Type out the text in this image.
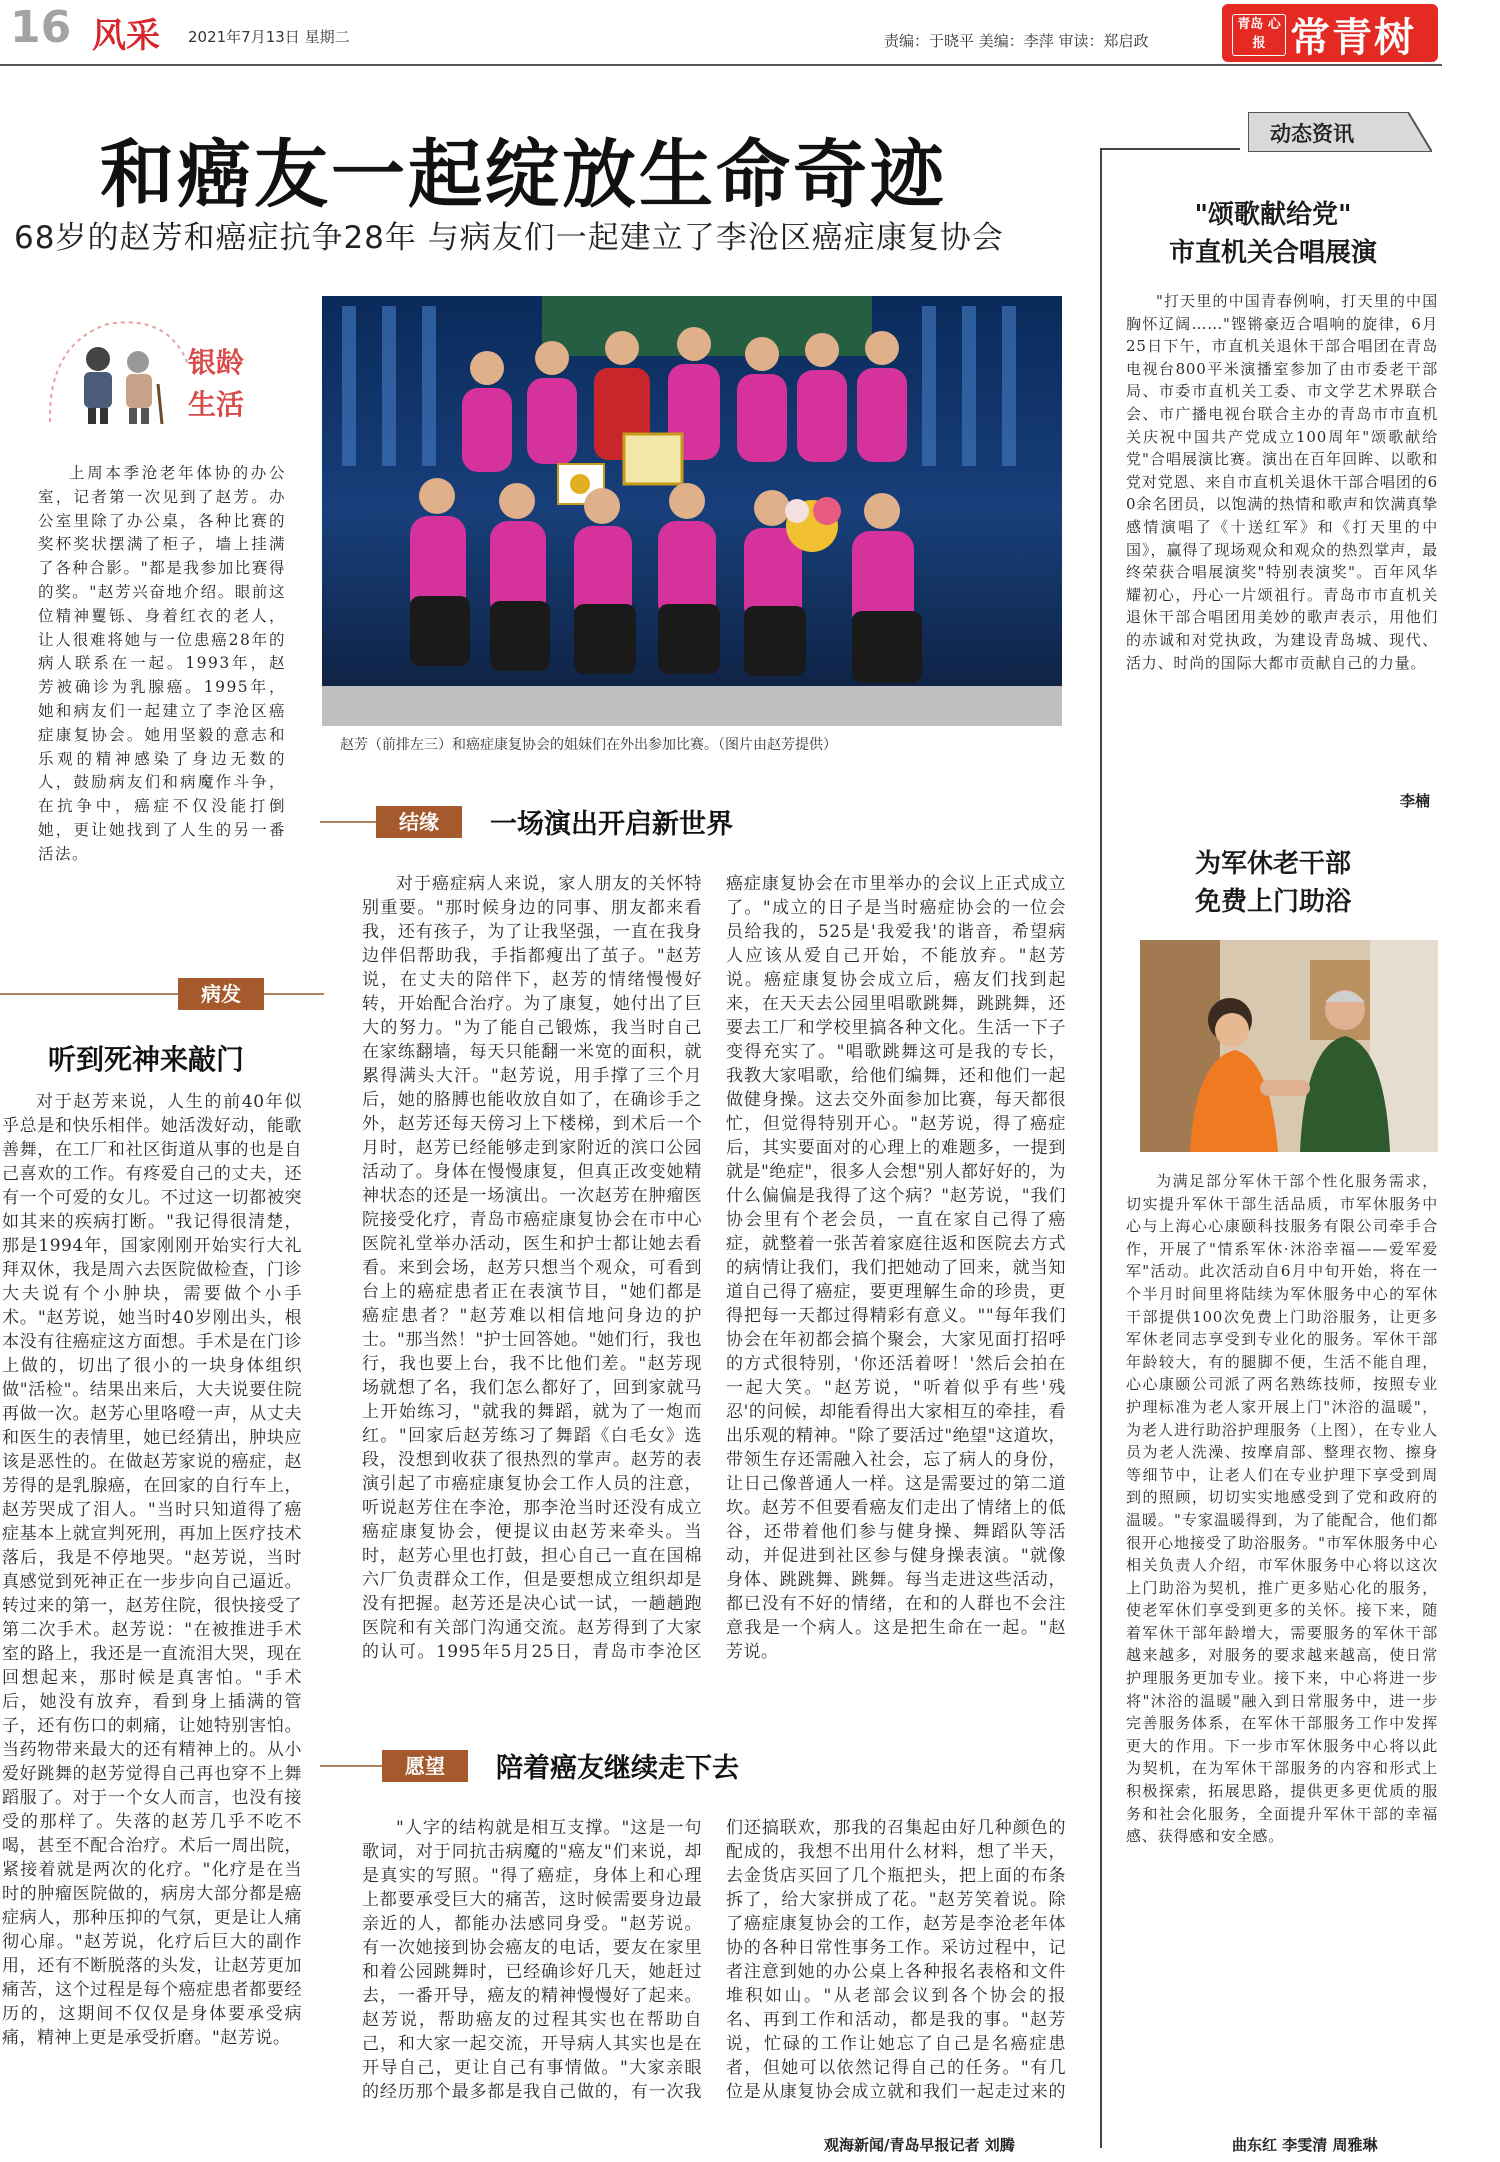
16 风采 2021年7月13日 星期二	责编：于晓平 美编：李萍 审读：郑启政
青岛 心报 常青树
和癌友一起绽放生命奇迹
68岁的赵芳和癌症抗争28年 与病友们一起建立了李沧区癌症康复协会
银龄 生活
赵芳（前排左三）和癌症康复协会的姐妹们在外出参加比赛。（图片由赵芳提供）

上周本季沧老年体协的办公室，记者第一次见到了赵芳。办公室里除了办公桌，各种比赛的奖杯奖状摆满了柜子，墙上挂满了各种合影。"都是我参加比赛得的奖。"赵芳兴奋地介绍。眼前这位精神矍铄、身着红衣的老人，让人很难将她与一位患癌28年的病人联系在一起。1993年，赵芳被确诊为乳腺癌。1995年，她和病友们一起建立了李沧区癌症康复协会。她用坚毅的意志和乐观的精神感染了身边无数的人，鼓励病友们和病魔作斗争，在抗争中，癌症不仅没能打倒她，更让她找到了人生的另一番活法。

病发
听到死神来敲门

对于赵芳来说，人生的前40年似乎总是和快乐相伴。她活泼好动，能歌善舞，在工厂和社区街道从事的也是自己喜欢的工作。有疼爱自己的丈夫，还有一个可爱的女儿。不过这一切都被突如其来的疾病打断。"我记得很清楚，那是1994年，国家刚刚开始实行大礼拜双休，我是周六去医院做检查，门诊大夫说有个小肿块，需要做个小手术。"赵芳说，她当时40岁刚出头，根本没有往癌症这方面想。手术是在门诊上做的，切出了很小的一块身体组织做"活检"。结果出来后，大夫说要住院再做一次。赵芳心里咯噔一声，从丈夫和医生的表情里，她已经猜出，肿块应该是恶性的。在做赵芳家说的癌症，赵芳得的是乳腺癌，在回家的自行车上，赵芳哭成了泪人。"当时只知道得了癌症基本上就宣判死刑，再加上医疗技术落后，我是不停地哭。"赵芳说，当时真感觉到死神正在一步步向自己逼近。转过来的第一，赵芳住院，很快接受了第二次手术。赵芳说："在被推进手术室的路上，我还是一直流泪大哭，现在回想起来，那时候是真害怕。"手术后，她没有放弃，看到身上插满的管子，还有伤口的刺痛，让她特别害怕。当药物带来最大的还有精神上的。从小爱好跳舞的赵芳觉得自己再也穿不上舞蹈服了。对于一个女人而言，也没有接受的那样了。失落的赵芳几乎不吃不喝，甚至不配合治疗。术后一周出院，紧接着就是两次的化疗。"化疗是在当时的肿瘤医院做的，病房大部分都是癌症病人，那种压抑的气氛，更是让人痛彻心扉。"赵芳说，化疗后巨大的副作用，还有不断脱落的头发，让赵芳更加痛苦，这个过程是每个癌症患者都要经历的，这期间不仅仅是身体要承受病痛，精神上更是承受折磨。"赵芳说。

结缘	一场演出开启新世界

对于癌症病人来说，家人朋友的关怀特别重要。"那时候身边的同事、朋友都来看我，还有孩子，为了让我坚强，一直在我身边伴侣帮助我，手指都瘦出了茧子。"赵芳说，在丈夫的陪伴下，赵芳的情绪慢慢好转，开始配合治疗。为了康复，她付出了巨大的努力。"为了能自己锻炼，我当时自己在家练翻墙，每天只能翻一米宽的面积，就累得满头大汗。"赵芳说，用手撑了三个月后，她的胳膊也能收放自如了，在确诊手之外，赵芳还每天傍习上下楼梯，到术后一个月时，赵芳已经能够走到家附近的滨口公园活动了。身体在慢慢康复，但真正改变她精神状态的还是一场演出。一次赵芳在肿瘤医院接受化疗，青岛市癌症康复协会在市中心医院礼堂举办活动，医生和护士都让她去看看。来到会场，赵芳只想当个观众，可看到台上的癌症患者正在表演节目，"她们都是癌症患者？"赵芳难以相信地问身边的护士。"那当然！"护士回答她。"她们行，我也行，我也要上台，我不比他们差。"赵芳现场就想了名，我们怎么都好了，回到家就马上开始练习，"就我的舞蹈，就为了一炮而红。"回家后赵芳练习了舞蹈《白毛女》选段，没想到收获了很热烈的掌声。赵芳的表演引起了市癌症康复协会工作人员的注意，听说赵芳住在李沧，那李沧当时还没有成立癌症康复协会，便提议由赵芳来牵头。当时，赵芳心里也打鼓，担心自己一直在国棉六厂负责群众工作，但是要想成立组织却是没有把握。赵芳还是决心试一试，一趟趟跑医院和有关部门沟通交流。赵芳得到了大家的认可。1995年5月25日，青岛市李沧区癌症康复协会在市里举办的会议上正式成立了。"成立的日子是当时癌症协会的一位会员给我的，525是'我爱我'的谐音，希望病人应该从爱自己开始，不能放弃。"赵芳说。癌症康复协会成立后，癌友们找到起来，在天天去公园里唱歌跳舞，跳跳舞，还要去工厂和学校里搞各种文化。生活一下子变得充实了。"唱歌跳舞这可是我的专长，我教大家唱歌，给他们编舞，还和他们一起做健身操。这去交外面参加比赛，每天都很忙，但觉得特别开心。"赵芳说，得了癌症后，其实要面对的心理上的难题多，一提到就是"绝症"，很多人会想"别人都好好的，为什么偏偏是我得了这个病？"赵芳说，"我们协会里有个老会员，一直在家自己得了癌症，就整着一张苦着家庭往返和医院去方式的病情让我们，我们把她动了回来，就当知道自己得了癌症，要更理解生命的珍贵，更得把每一天都过得精彩有意义。""每年我们协会在年初都会搞个聚会，大家见面打招呼的方式很特别，'你还活着呀！'然后会拍在一起大笑。"赵芳说，"听着似乎有些'残忍'的问候，却能看得出大家相互的牵挂，看出乐观的精神。"除了要活过"绝望"这道坎，带领生存还需融入社会，忘了病人的身份，让日己像普通人一样。这是需要过的第二道坎。赵芳不但要看癌友们走出了情绪上的低谷，还带着他们参与健身操、舞蹈队等活动，并促进到社区参与健身操表演。"就像身体、跳跳舞、跳舞。每当走进这些活动，都已没有不好的情绪，在和的人群也不会注意我是一个病人。这是把生命在一起。"赵芳说。

愿望	陪着癌友继续走下去

"人字的结构就是相互支撑。"这是一句歌词，对于同抗击病魔的"癌友"们来说，却是真实的写照。"得了癌症，身体上和心理上都要承受巨大的痛苦，这时候需要身边最亲近的人，都能办法感同身受。"赵芳说。有一次她接到协会癌友的电话，要友在家里和着公园跳舞时，已经确诊好几天，她赶过去，一番开导，癌友的精神慢慢好了起来。赵芳说，帮助癌友的过程其实也在帮助自己，和大家一起交流，开导病人其实也是在开导自己，更让自己有事情做。"大家亲眼的经历那个最多都是我自己做的，有一次我们还搞联欢，那我的召集起由好几种颜色的配成的，我想不出用什么材料，想了半天，去金货店买回了几个瓶把头，把上面的布条拆了，给大家拼成了花。"赵芳笑着说。除了癌症康复协会的工作，赵芳是李沧老年体协的各种日常性事务工作。采访过程中，记者注意到她的办公桌上各种报名表格和文件堆积如山。"从老部会议到各个协会的报名、再到工作和活动，都是我的事。"赵芳说，忙碌的工作让她忘了自己是名癌症患者，但她可以依然记得自己的任务。"有几位是从康复协会成立就和我们一起走过来的

观海新闻/青岛早报记者 刘腾
动态资讯
"颂歌献给党"
市直机关合唱展演

"打天里的中国青春例响，打天里的中国胸怀辽阔……"铿锵豪迈合唱响的旋律，6月25日下午，市直机关退休干部合唱团在青岛电视台800平米演播室参加了由市委老干部局、市委市直机关工委、市文学艺术界联合会、市广播电视台联合主办的青岛市市直机关庆祝中国共产党成立100周年"颂歌献给党"合唱展演比赛。演出在百年回眸、以歌和党对党恩、来自市直机关退休干部合唱团的60余名团员，以饱满的热情和歌声和饮满真挚感情演唱了《十送红军》和《打天里的中国》，赢得了现场观众和观众的热烈掌声，最终荣获合唱展演奖"特别表演奖"。百年风华耀初心，丹心一片颂祖行。青岛市市直机关退休干部合唱团用美妙的歌声表示，用他们的赤诚和对党执政，为建设青岛城、现代、活力、时尚的国际大都市贡献自己的力量。

李楠
为军休老干部
免费上门助浴

为满足部分军休干部个性化服务需求，切实提升军休干部生活品质，市军休服务中心与上海心心康颐科技服务有限公司牵手合作，开展了"情系军休·沐浴幸福——爱军爱军"活动。此次活动自6月中旬开始，将在一个半月时间里将陆续为军休服务中心的军休干部提供100次免费上门助浴服务，让更多军休老同志享受到专业化的服务。军休干部年龄较大，有的腿脚不便，生活不能自理，心心康颐公司派了两名熟练技师，按照专业护理标准为老人家开展上门"沐浴的温暖"，为老人进行助浴护理服务（上图），在专业人员为老人洗澡、按摩肩部、整理衣物、擦身等细节中，让老人们在专业护理下享受到周到的照顾，切切实实地感受到了党和政府的温暖。"专家温暖得到，为了能配合，他们都很开心地接受了助浴服务。"市军休服务中心相关负责人介绍，市军休服务中心将以这次上门助浴为契机，推广更多贴心化的服务，使老军休们享受到更多的关怀。接下来，随着军休干部年龄增大，需要服务的军休干部越来越多，对服务的要求越来越高，使日常护理服务更加专业。接下来，中心将进一步将"沐浴的温暖"融入到日常服务中，进一步完善服务体系，在军休干部服务工作中发挥更大的作用。下一步市军休服务中心将以此为契机，在为军休干部服务的内容和形式上积极探索，拓展思路，提供更多更优质的服务和社会化服务，全面提升军休干部的幸福感、获得感和安全感。

曲东红 李雯清 周雅琳
